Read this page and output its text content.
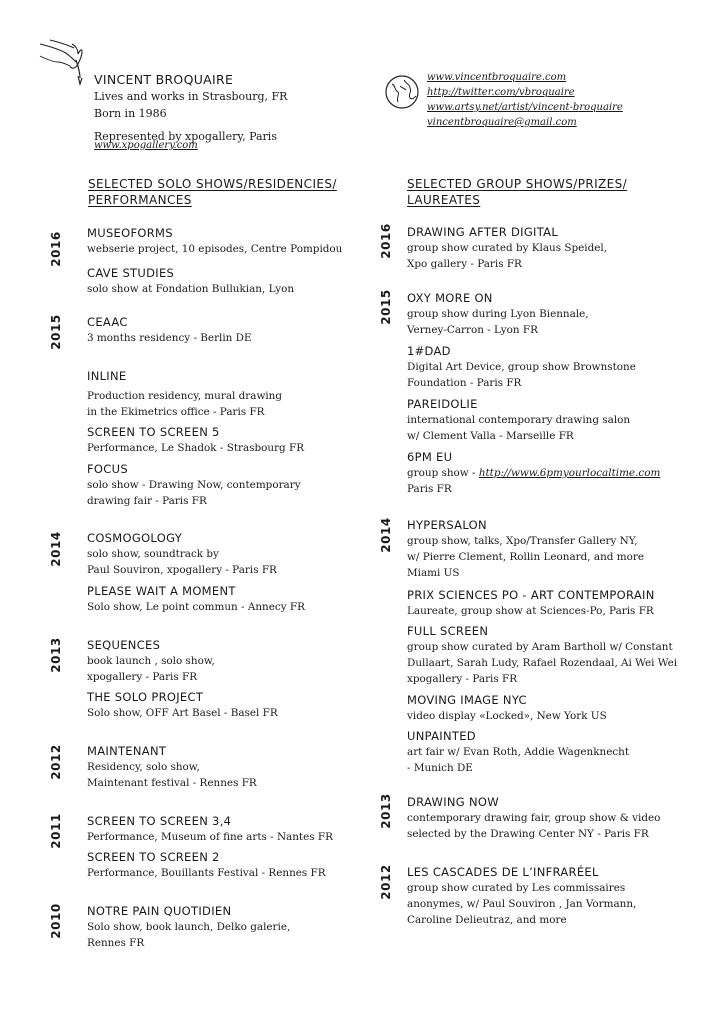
VINCENT BROQUAIRE
Lives and works in Strasbourg, FR
Born in 1986
Represented by xpogallery, Paris
www.xpogallery.com
www.vincentbroquaire.com
http://twitter.com/vbroquaire
www.artsy.net/artist/vincent-broquaire
vincentbroquaire@gmail.com
SELECTED SOLO SHOWS/RESIDENCIES/
PERFORMANCES
SELECTED GROUP SHOWS/PRIZES/
LAUREATES
2016
2015
2014
2013
2012
2011
2010
MUSEOFORMS
webserie project, 10 episodes, Centre Pompidou
CAVE STUDIES
solo show at Fondation Bullukian, Lyon
CEAAC
3 months residency - Berlin DE
INLINE
Production residency, mural drawing
in the Ekimetrics office - Paris FR
SCREEN TO SCREEN 5
Performance, Le Shadok - Strasbourg FR
FOCUS
solo show - Drawing Now, contemporary
drawing fair - Paris FR
COSMOGOLOGY
solo show, soundtrack by
Paul Souviron, xpogallery - Paris FR
PLEASE WAIT A MOMENT
Solo show, Le point commun - Annecy FR
SEQUENCES
book launch , solo show,
xpogallery - Paris FR
THE SOLO PROJECT
Solo show, OFF Art Basel - Basel FR
MAINTENANT
Residency, solo show,
Maintenant festival - Rennes FR
SCREEN TO SCREEN 3,4
Performance, Museum of fine arts - Nantes FR
SCREEN TO SCREEN 2
Performance, Bouillants Festival - Rennes FR
NOTRE PAIN QUOTIDIEN
Solo show, book launch, Delko galerie,
Rennes FR
2016
2015
2014
2013
2012
DRAWING AFTER DIGITAL
group show curated by Klaus Speidel,
Xpo gallery - Paris FR
OXY MORE ON
group show during Lyon Biennale,
Verney-Carron - Lyon FR
1#DAD
Digital Art Device, group show Brownstone
Foundation - Paris FR
PAREIDOLIE
international contemporary drawing salon
w/ Clement Valla - Marseille FR
6PM EU
group show - http://www.6pmyourlocaltime.com
Paris FR
HYPERSALON
group show, talks, Xpo/Transfer Gallery NY,
w/ Pierre Clement, Rollin Leonard, and more
Miami US
PRIX SCIENCES PO - ART CONTEMPORAIN
Laureate, group show at Sciences-Po, Paris FR
FULL SCREEN
group show curated by Aram Bartholl w/ Constant
Dullaart, Sarah Ludy, Rafael Rozendaal, Ai Wei Wei
xpogallery - Paris FR
MOVING IMAGE NYC
video display «Locked», New York US
UNPAINTED
art fair w/ Evan Roth, Addie Wagenknecht
- Munich DE
DRAWING NOW
contemporary drawing fair, group show & video
selected by the Drawing Center NY - Paris FR
LES CASCADES DE L’INFRARÉEL
group show curated by Les commissaires
anonymes, w/ Paul Souviron , Jan Vormann,
Caroline Delieutraz, and more
